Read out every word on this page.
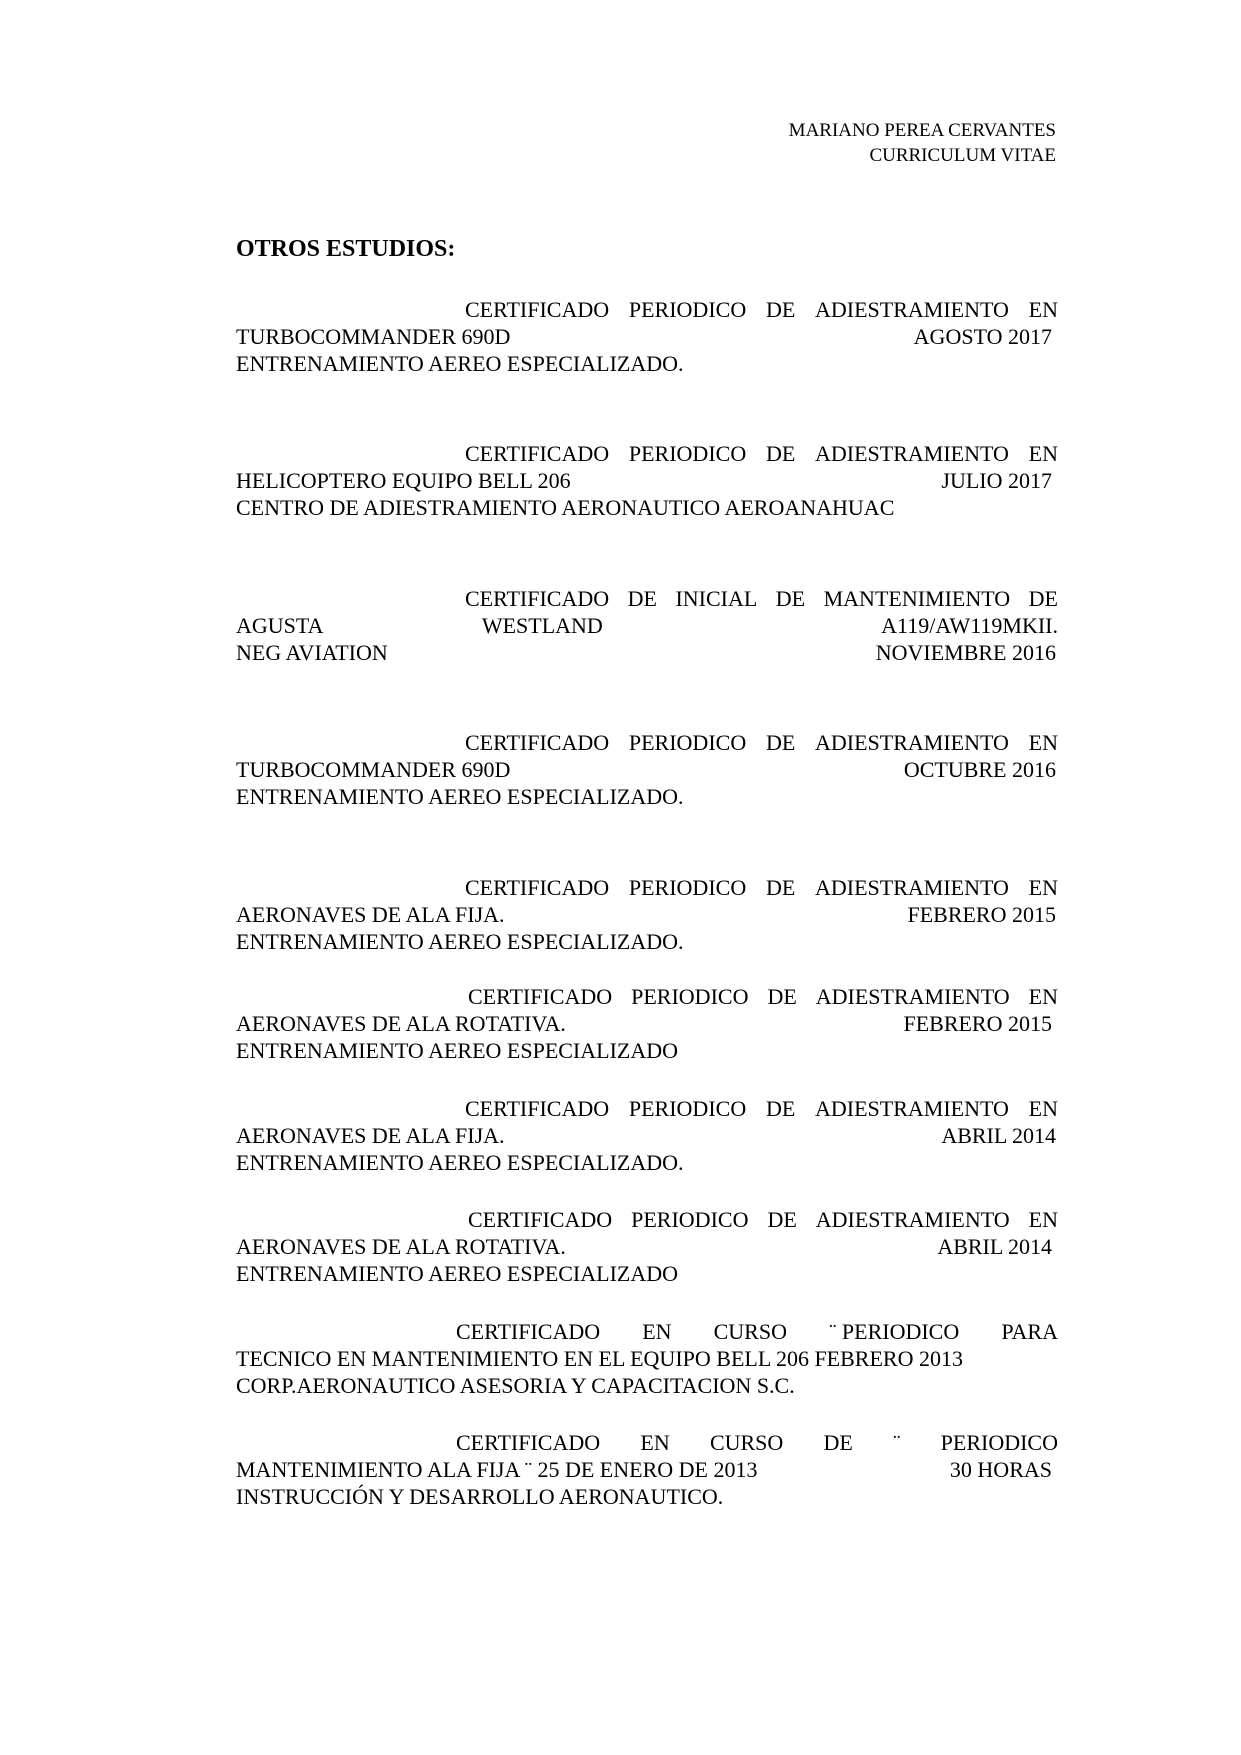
MARIANO PEREA CERVANTES
CURRICULUM VITAE
OTROS ESTUDIOS:
CERTIFICADO PERIODICO DE ADIESTRAMIENTO EN
TURBOCOMMANDER 690D	AGOSTO 2017
ENTRENAMIENTO AEREO ESPECIALIZADO.
CERTIFICADO PERIODICO DE ADIESTRAMIENTO EN
HELICOPTERO EQUIPO BELL 206	JULIO 2017
CENTRO DE ADIESTRAMIENTO AERONAUTICO AEROANAHUAC
CERTIFICADO DE INICIAL DE MANTENIMIENTO DE
AGUSTA	WESTLAND	A119/AW119MKII.
NEG AVIATION	NOVIEMBRE 2016
CERTIFICADO PERIODICO DE ADIESTRAMIENTO EN
TURBOCOMMANDER 690D	OCTUBRE 2016
ENTRENAMIENTO AEREO ESPECIALIZADO.
CERTIFICADO PERIODICO DE ADIESTRAMIENTO EN
AERONAVES DE ALA FIJA.	FEBRERO 2015
ENTRENAMIENTO AEREO ESPECIALIZADO.
CERTIFICADO PERIODICO DE ADIESTRAMIENTO EN
AERONAVES DE ALA ROTATIVA.	FEBRERO 2015
ENTRENAMIENTO AEREO ESPECIALIZADO
CERTIFICADO PERIODICO DE ADIESTRAMIENTO EN
AERONAVES DE ALA FIJA.	ABRIL 2014
ENTRENAMIENTO AEREO ESPECIALIZADO.
CERTIFICADO PERIODICO DE ADIESTRAMIENTO EN
AERONAVES DE ALA ROTATIVA.	ABRIL 2014
ENTRENAMIENTO AEREO ESPECIALIZADO
CERTIFICADO EN CURSO ¨ PERIODICO PARA
TECNICO EN MANTENIMIENTO EN EL EQUIPO BELL 206 FEBRERO 2013
CORP.AERONAUTICO ASESORIA Y CAPACITACION S.C.
CERTIFICADO EN CURSO DE ¨ PERIODICO
MANTENIMIENTO ALA FIJA ¨ 25 DE ENERO DE 2013	30 HORAS
INSTRUCCIÓN Y DESARROLLO AERONAUTICO.
